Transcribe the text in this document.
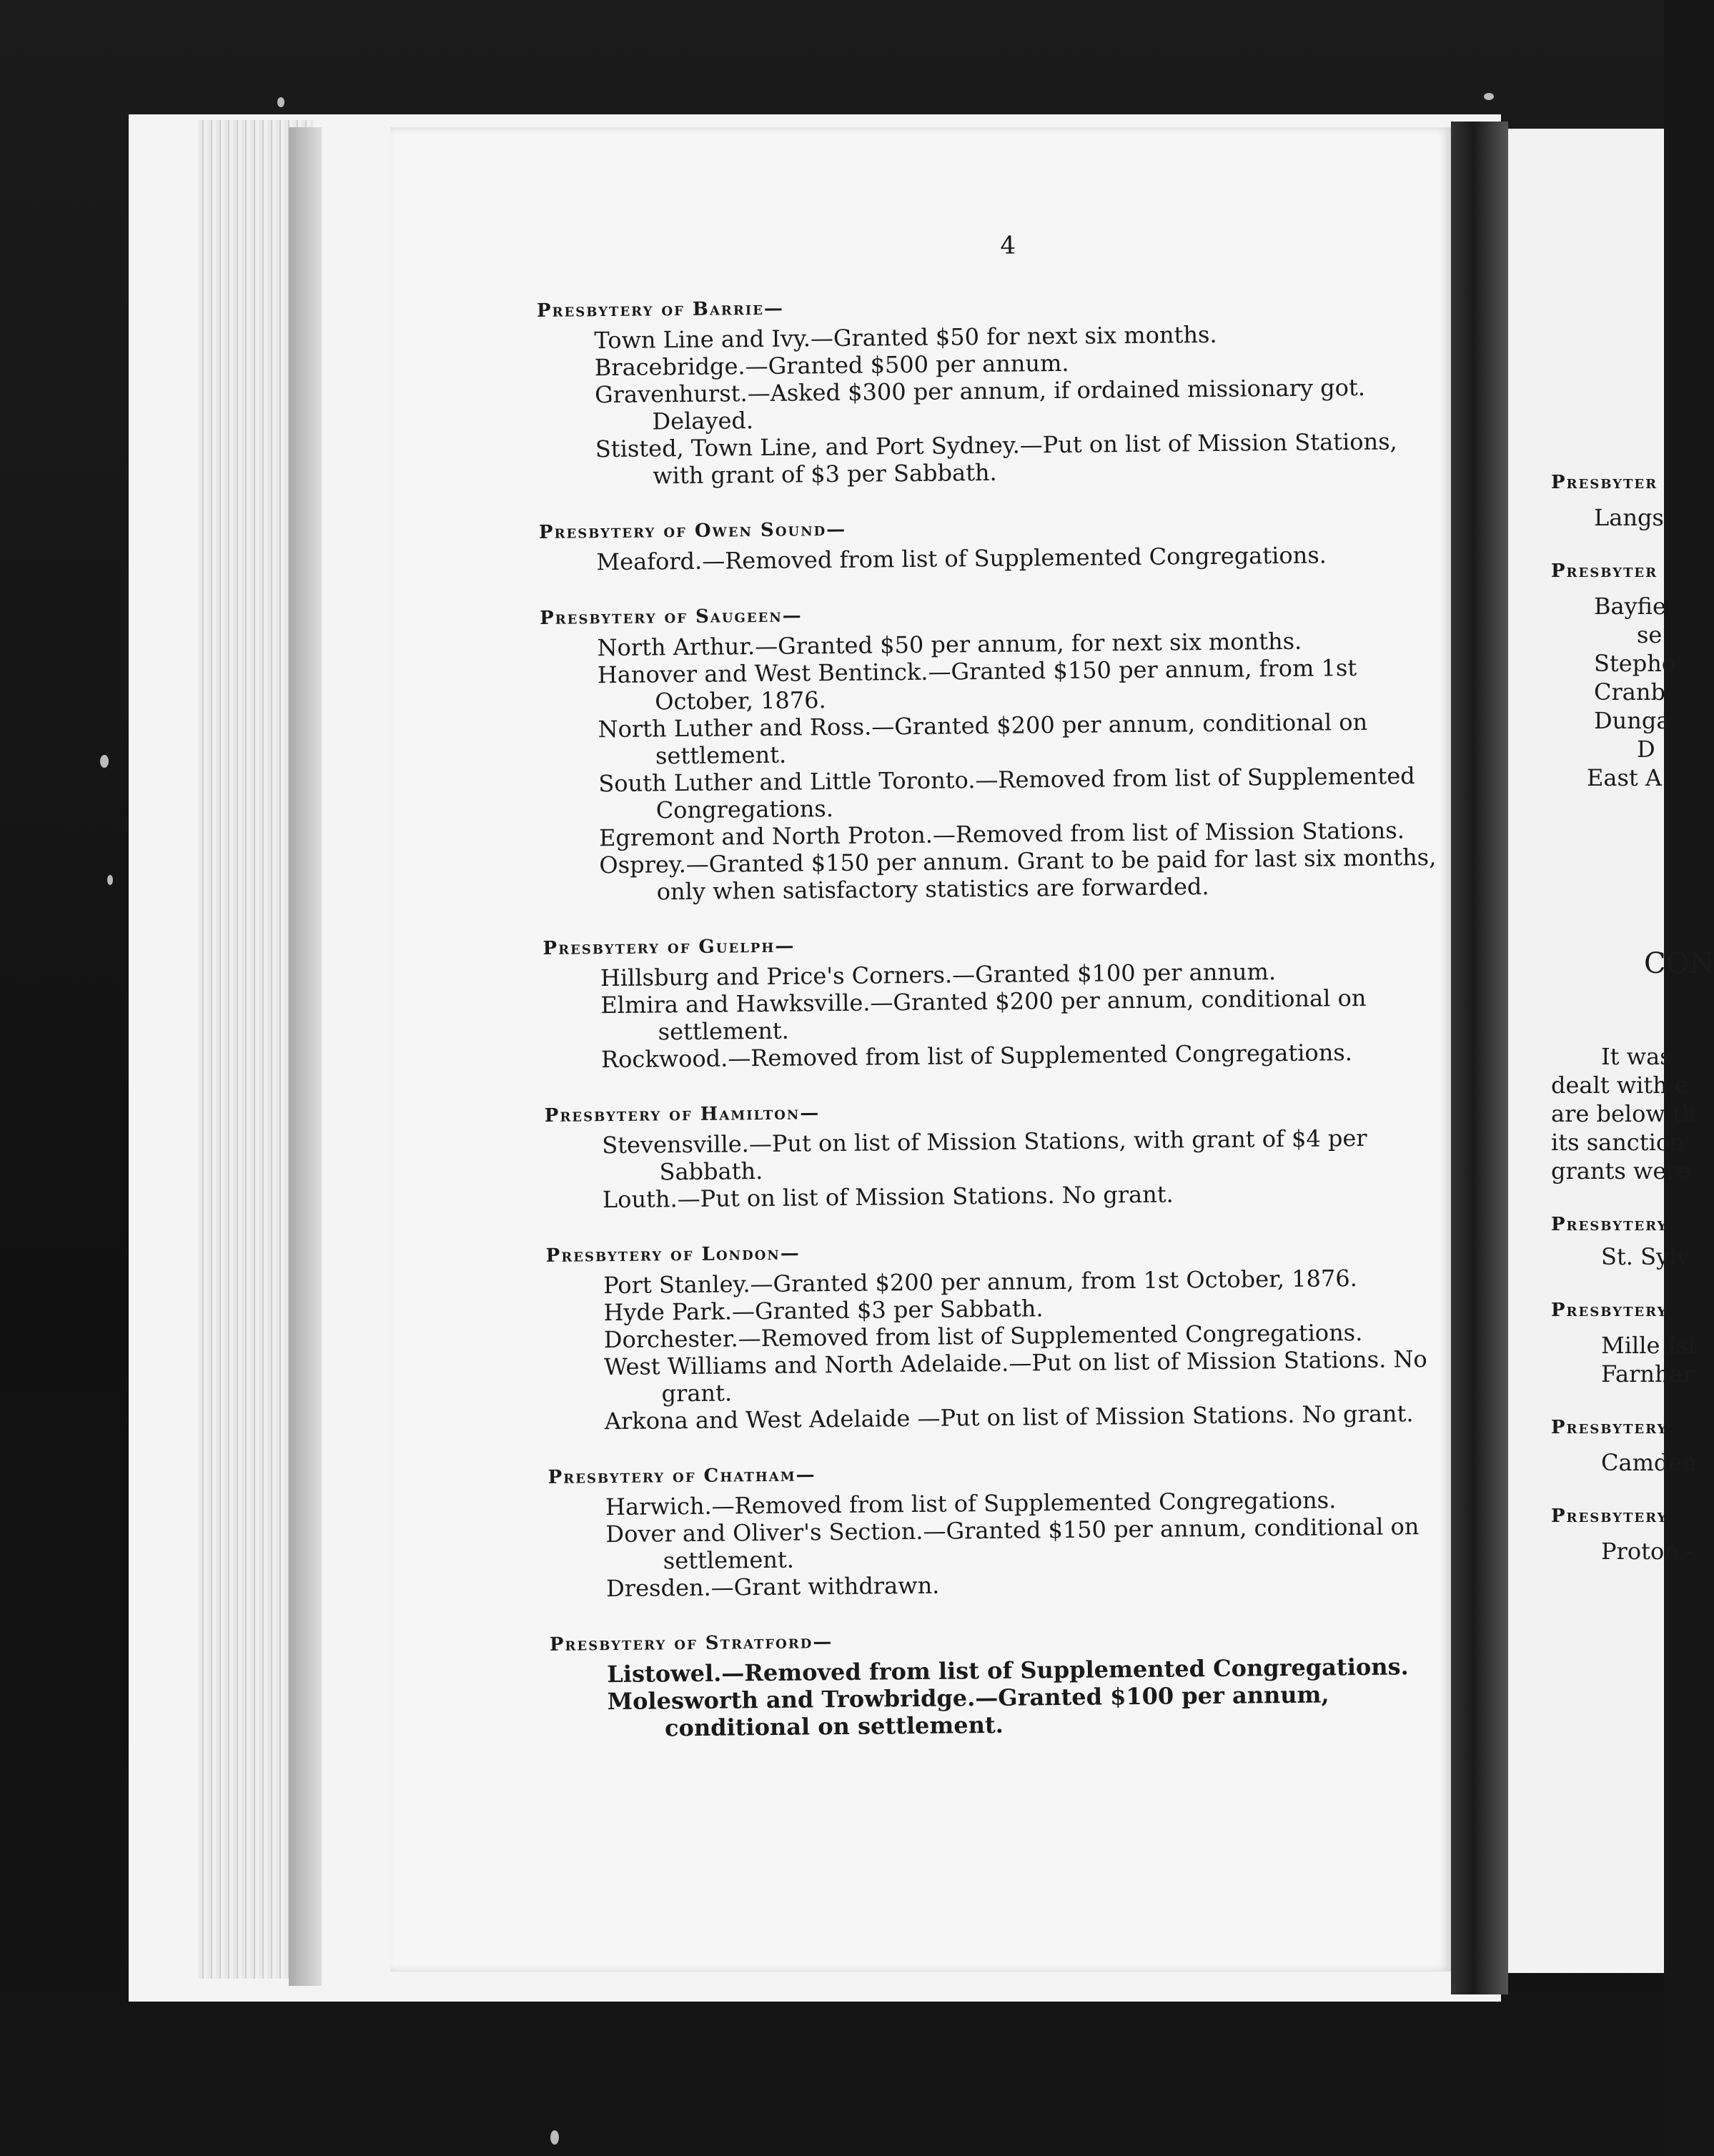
Presbyter
Langs
Presbyter
Bayfie
se
Stepho
Cranb
Dunga
D
East A
CON
It was
dealt with e
are below th
its sanction
grants were
Presbytery
St. Sylv
Presbytery
Mille Isl
Farnhar
Presbytery
Camden
Presbytery
Proton.-
4
Presbytery of Barrie—
Town Line and Ivy.—Granted $50 for next six months.
Bracebridge.—Granted $500 per annum.
Gravenhurst.—Asked $300 per annum, if ordained missionary got. Delayed.
Stisted, Town Line, and Port Sydney.—Put on list of Mission Stations, with grant of $3 per Sabbath.
Presbytery of Owen Sound—
Meaford.—Removed from list of Supplemented Congregations.
Presbytery of Saugeen—
North Arthur.—Granted $50 per annum, for next six months.
Hanover and West Bentinck.—Granted $150 per annum, from 1st October, 1876.
North Luther and Ross.—Granted $200 per annum, conditional on settlement.
South Luther and Little Toronto.—Removed from list of Supplemented Congregations.
Egremont and North Proton.—Removed from list of Mission Stations.
Osprey.—Granted $150 per annum. Grant to be paid for last six months, only when satisfactory statistics are forwarded.
Presbytery of Guelph—
Hillsburg and Price's Corners.—Granted $100 per annum.
Elmira and Hawksville.—Granted $200 per annum, conditional on settlement.
Rockwood.—Removed from list of Supplemented Congregations.
Presbytery of Hamilton—
Stevensville.—Put on list of Mission Stations, with grant of $4 per Sabbath.
Louth.—Put on list of Mission Stations. No grant.
Presbytery of London—
Port Stanley.—Granted $200 per annum, from 1st October, 1876.
Hyde Park.—Granted $3 per Sabbath.
Dorchester.—Removed from list of Supplemented Congregations.
West Williams and North Adelaide.—Put on list of Mission Stations. No grant.
Arkona and West Adelaide —Put on list of Mission Stations. No grant.
Presbytery of Chatham—
Harwich.—Removed from list of Supplemented Congregations.
Dover and Oliver's Section.—Granted $150 per annum, conditional on settlement.
Dresden.—Grant withdrawn.
Presbytery of Stratford—
Listowel.—Removed from list of Supplemented Congregations.
Molesworth and Trowbridge.—Granted $100 per annum, conditional on settlement.
